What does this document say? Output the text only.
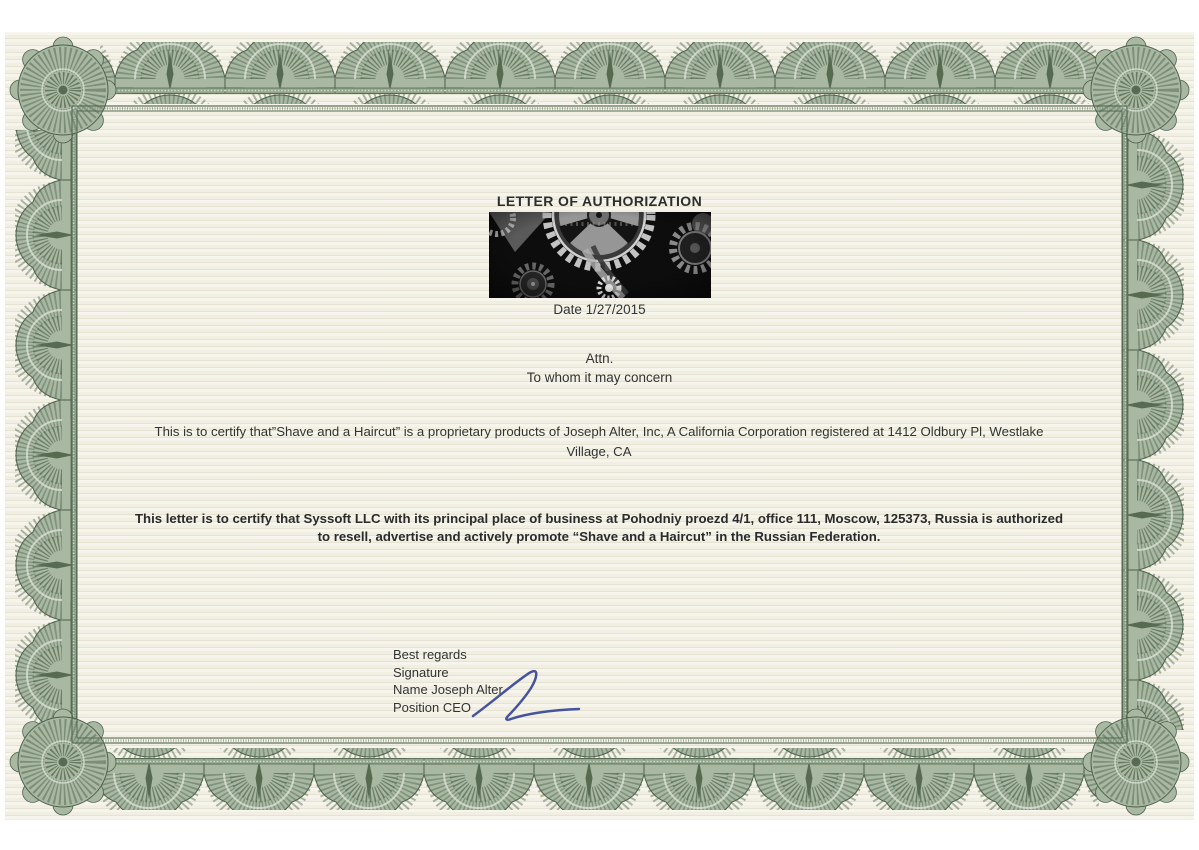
LETTER OF AUTHORIZATION
Date 1/27/2015
Attn.
To whom it may concern
This is to certify that”Shave and a Haircut” is a proprietary products of Joseph Alter, Inc, A California Corporation registered at 1412 Oldbury Pl, Westlake Village, CA
This letter is to certify that Syssoft LLC with its principal place of business at Pohodniy proezd 4/1, office 111, Moscow, 125373, Russia is authorized to resell, advertise and actively promote “Shave and a Haircut” in the Russian Federation.
Best regards
Signature
Name Joseph Alter
Position CEO
